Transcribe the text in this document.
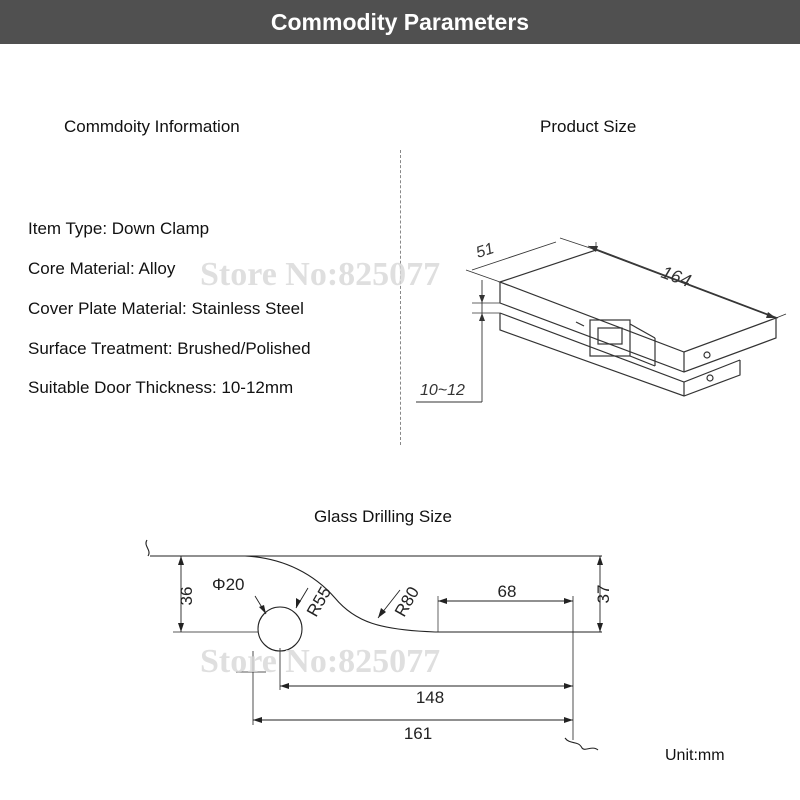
Commodity Parameters
Commdoity Information	Product Size
Item Type: Down Clamp
Core Material: Alloy
Cover Plate Material: Stainless Steel
Surface Treatment: Brushed/Polished
Suitable Door Thickness: 10-12mm
164
51
10~12
Store No:825077
Glass Drilling Size
36
Φ20	R55	R80	68	37
148
161
Store No:825077
Unit:mm
